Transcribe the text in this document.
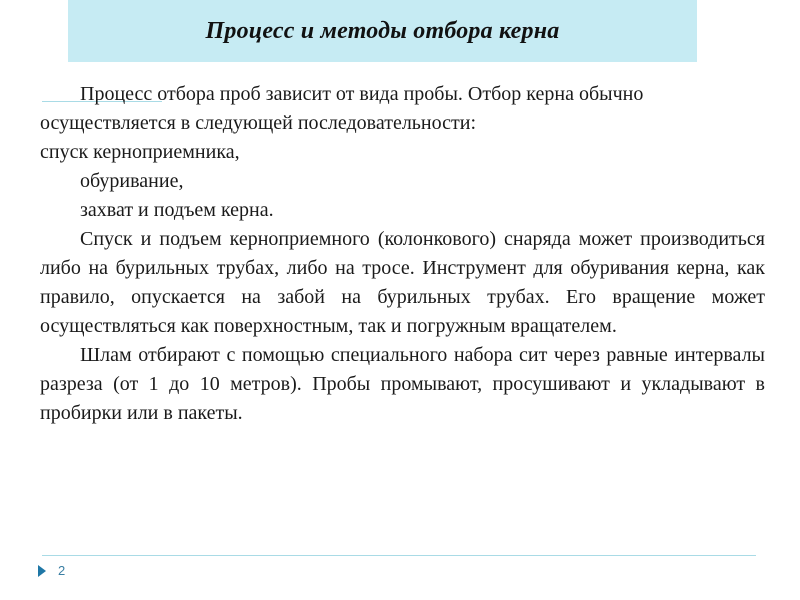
Процесс и методы отбора керна

Процесс отбора проб зависит от вида пробы. Отбор керна обычно осуществляется в следующей последовательности:

спуск керноприемника,

обуривание,

захват и подъем керна.

Спуск и подъем керноприемного (колонкового) снаряда может производиться либо на бурильных трубах, либо на тросе. Инструмент для обуривания керна, как правило, опускается на забой на бурильных трубах. Его вращение может осуществляться как поверхностным, так и погружным вращателем.

Шлам отбирают с помощью специального набора сит через равные интервалы разреза (от 1 до 10 метров). Пробы промывают, просушивают и укладывают в пробирки или в пакеты.

2
